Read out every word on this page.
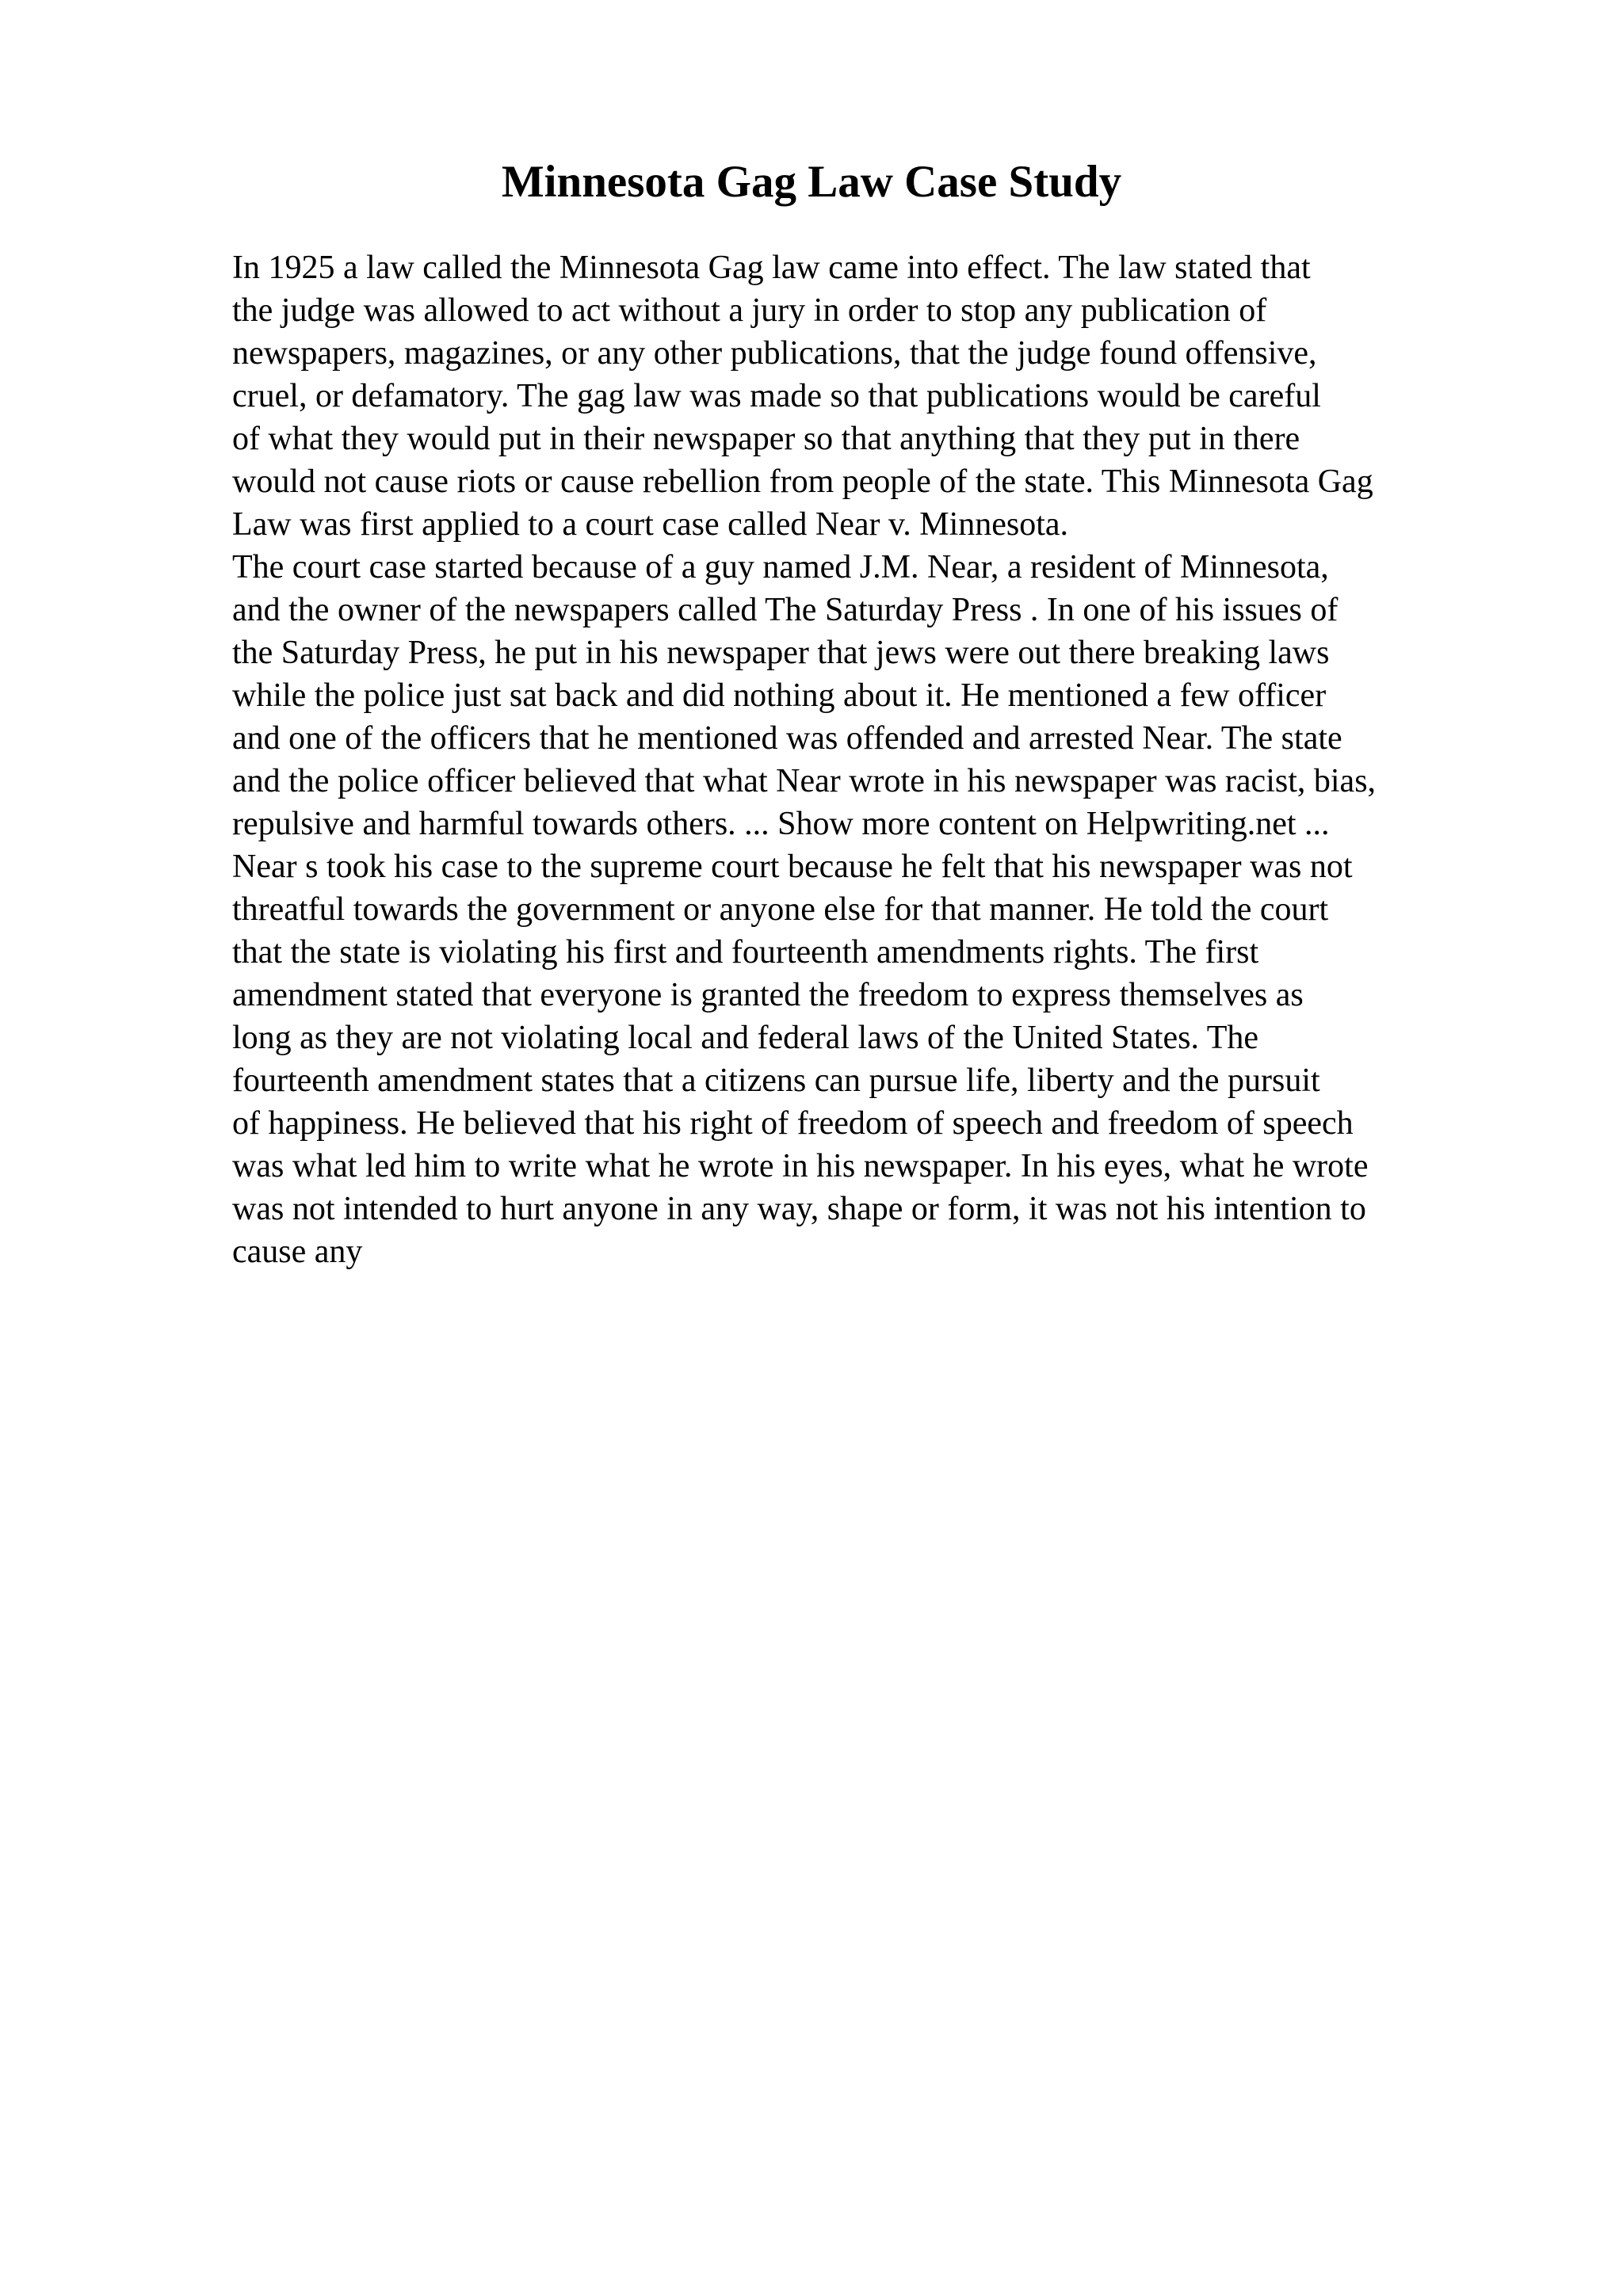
Minnesota Gag Law Case Study
In 1925 a law called the Minnesota Gag law came into effect. The law stated that
the judge was allowed to act without a jury in order to stop any publication of
newspapers, magazines, or any other publications, that the judge found offensive,
cruel, or defamatory. The gag law was made so that publications would be careful
of what they would put in their newspaper so that anything that they put in there
would not cause riots or cause rebellion from people of the state. This Minnesota Gag
Law was first applied to a court case called Near v. Minnesota.
The court case started because of a guy named J.M. Near, a resident of Minnesota,
and the owner of the newspapers called The Saturday Press . In one of his issues of
the Saturday Press, he put in his newspaper that jews were out there breaking laws
while the police just sat back and did nothing about it. He mentioned a few officer
and one of the officers that he mentioned was offended and arrested Near. The state
and the police officer believed that what Near wrote in his newspaper was racist, bias,
repulsive and harmful towards others. ... Show more content on Helpwriting.net ...
Near s took his case to the supreme court because he felt that his newspaper was not
threatful towards the government or anyone else for that manner. He told the court
that the state is violating his first and fourteenth amendments rights. The first
amendment stated that everyone is granted the freedom to express themselves as
long as they are not violating local and federal laws of the United States. The
fourteenth amendment states that a citizens can pursue life, liberty and the pursuit
of happiness. He believed that his right of freedom of speech and freedom of speech
was what led him to write what he wrote in his newspaper. In his eyes, what he wrote
was not intended to hurt anyone in any way, shape or form, it was not his intention to
cause any
